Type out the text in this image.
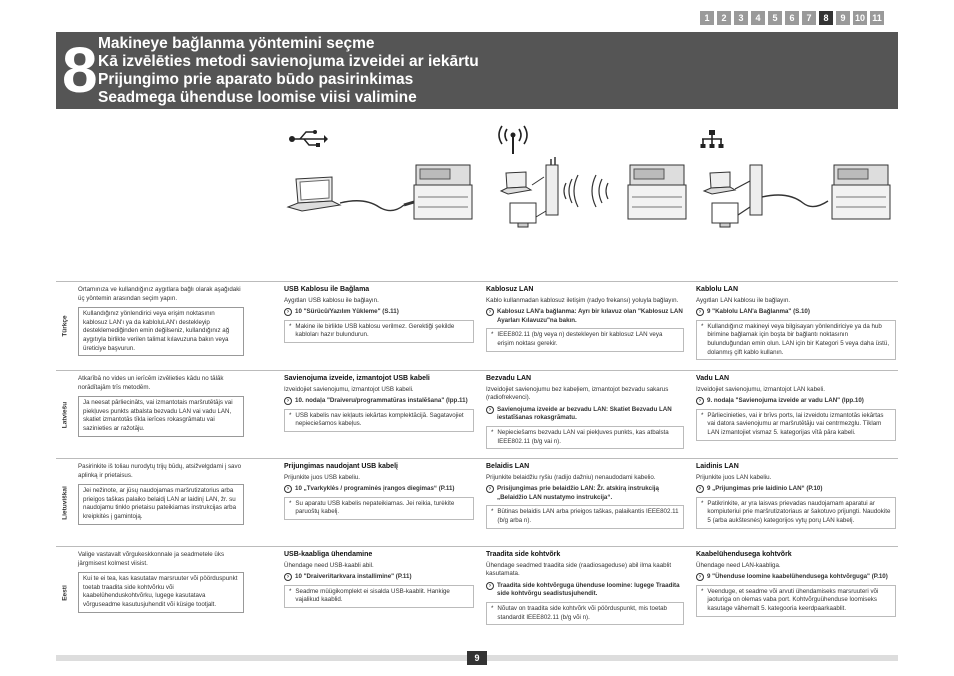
1	2	3	4	5	6	7	8	9	10 11
8 Makineye bağlanma yöntemini seçme
Kā izvēlēties metodi savienojuma izveidei ar iekārtu
Prijungimo prie aparato būdo pasirinkimas
Seadmega ühenduse loomise viisi valimine
Türkçe
Ortamınıza ve kullandığınız aygıtlara bağlı olarak aşağıdaki üç yöntemin arasından seçim yapın.
Kullandığınız yönlendirici veya erişim noktasının kablosuz LAN'ı ya da kabloluLAN'ı destekleyip desteklemediğinden emin değilseniz, kullandığınız ağ aygıtıyla birlikte verilen talimat kılavuzuna bakın veya üreticiye başvurun.
USB Kablosu ile Bağlama
Aygıtları USB kablosu ile bağlayın.
› 10 "Sürücü/Yazılım Yükleme" (S.11)
* Makine ile birlikte USB kablosu verilmez. Gerektiği şekilde kabloları hazır bulundurun.
Kablosuz LAN
Kablo kullanmadan kablosuz iletişim (radyo frekansı) yoluyla bağlayın.
› Kablosuz LAN'a bağlanma: Ayrı bir kılavuz olan "Kablosuz LAN Ayarları Kılavuzu"na bakın.
* IEEE802.11 (b/g veya n) destekleyen bir kablosuz LAN veya erişim noktası gerekir.
Kablolu LAN
Aygıtları LAN kablosu ile bağlayın.
› 9 "Kablolu LAN'a Bağlanma" (S.10)
* Kullandığınız makineyi veya bilgisayarı yönlendiriciye ya da hub birimine bağlamak için boşta bir bağlantı noktasının bulunduğundan emin olun. LAN için bir Kategori 5 veya daha üstü, dolanmış çift kablo kullanın.
Latviešu
Atkarībā no vides un ierīcēm izvēlieties kādu no tālāk norādītajām trīs metodēm.
Ja neesat pārliecināts, vai izmantotais maršrutētājs vai piekļuves punkts atbalsta bezvadu LAN vai vadu LAN, skatiet izmantotās tīkla ierīces rokasgrāmatu vai sazinieties ar ražotāju.
Savienojuma izveide, izmantojot USB kabeli
Izveidojiet savienojumu, izmantojot USB kabeli.
› 10. nodaļa "Draiveru/programmatūras instalēšana" (lpp.11)
* USB kabelis nav iekļauts iekārtas komplektācijā. Sagatavojiet nepieciešamos kabeļus.
Bezvadu LAN
Izveidojiet savienojumu bez kabeļiem, izmantojot bezvadu sakarus (radiofrekvenci).
› Savienojuma izveide ar bezvadu LAN: Skatiet Bezvadu LAN iestatīšanas rokasgrāmatu.
* Nepieciešams bezvadu LAN vai piekļuves punkts, kas atbalsta IEEE802.11 (b/g vai n).
Vadu LAN
Izveidojiet savienojumu, izmantojot LAN kabeli.
› 9. nodaļa "Savienojuma izveide ar vadu LAN" (lpp.10)
* Pārliecinieties, vai ir brīvs ports, lai izveidotu izmantotās iekārtas vai datora savienojumu ar maršrutētāju vai centrmezglu. Tīklam LAN izmantojiet vismaz 5. kategorijas vītā pāra kabeli.
Lietuviškai
Pasirinkite iš toliau nurodytų trijų būdų, atsižvelgdami į savo aplinką ir prietaisus.
Jei nežinote, ar jūsų naudojamas maršrutizatorius arba prieigos taškas palaiko belaidį LAN ar laidinį LAN, žr. su naudojamu tinklo prietaisu pateikiamas instrukcijas arba kreipkitės į gamintoją.
Prijungimas naudojant USB kabelį
Prijunkite juos USB kabeliu.
› 10 „Tvarkyklės / programinės įrangos diegimas“ (P.11)
* Su aparatu USB kabelis nepateikiamas. Jei reikia, turėkite paruoštų kabelį.
Belaidis LAN
Prijunkite belaidžiu ryšiu (radijo dažniu) nenaudodami kabelio.
› Prisijungimas prie belaidžio LAN: Žr. atskirą instrukciją „Belaidžio LAN nustatymo instrukcija“.
* Būtinas belaidis LAN arba prieigos taškas, palaikantis IEEE802.11 (b/g arba n).
Laidinis LAN
Prijunkite juos LAN kabeliu.
› 9 „Prijungimas prie laidinio LAN“ (P.10)
* Patikrinkite, ar yra laisvas prievadas naudojamam aparatui ar kompiuteriui prie maršrutizatoriaus ar šakotuvo prijungti. Naudokite 5 (arba aukštesnės) kategorijos vytų porų LAN kabelį.
Eesti
Valige vastavalt võrgukeskkonnale ja seadmetele üks järgmisest kolmest viisist.
Kui te ei tea, kas kasutatav marsruuter või pöörduspunkt toetab traadita side kohtvõrku või kaabelühenduskohtvõrku, lugege kasutatava võrguseadme kasutusjuhendit või küsige tootjalt.
USB-kaabliga ühendamine
Ühendage need USB-kaabli abil.
› 10 "Draiveri/tarkvara installimine" (P.11)
* Seadme müügikomplekt ei sisalda USB-kaablit. Hankige vajalikud kaablid.
Traadita side kohtvõrk
Ühendage seadmed traadita side (raadiosageduse) abil ilma kaablit kasutamata.
› Traadita side kohtvõrguga ühenduse loomine: lugege Traadita side kohtvõrgu seadistusjuhendit.
* Nõutav on traadita side kohtvõrk või pöörduspunkt, mis toetab standardit IEEE802.11 (b/g või n).
Kaabelühendusega kohtvõrk
Ühendage need LAN-kaabliga.
› 9 "Ühenduse loomine kaabelühendusega kohtvõrguga" (P.10)
* Veenduge, et seadme või arvuti ühendamiseks marsruuteri või jaoturiga on olemas vaba port. Kohtvõrguühenduse loomiseks kasutage vähemalt 5. kategooria keerdpaarkaablit.
9
